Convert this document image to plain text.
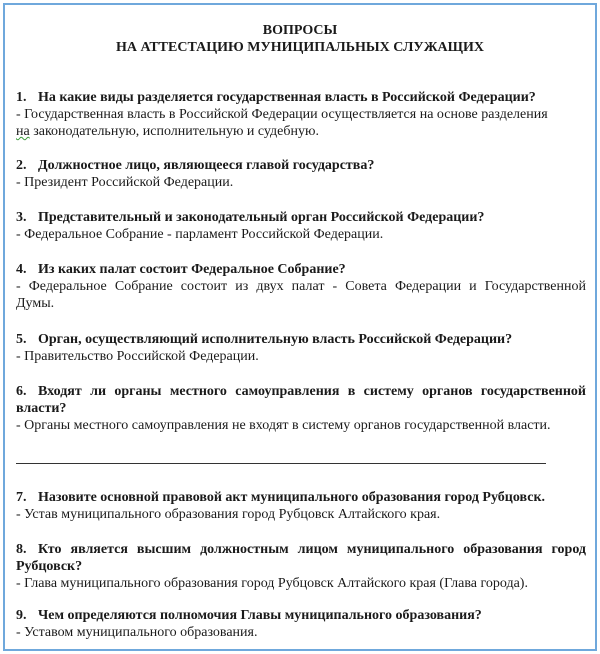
ВОПРОСЫ
НА АТТЕСТАЦИЮ МУНИЦИПАЛЬНЫХ СЛУЖАЩИХ
1. На какие виды разделяется государственная власть в Российской Федерации?
- Государственная власть в Российской Федерации осуществляется на основе разделения
на законодательную, исполнительную и судебную.
2. Должностное лицо, являющееся главой государства?
- Президент Российской Федерации.
3. Представительный и законодательный орган Российской Федерации?
- Федеральное Собрание - парламент Российской Федерации.
4. Из каких палат состоит Федеральное Собрание?
- Федеральное Собрание состоит из двух палат - Совета Федерации и Государственной
Думы.
5. Орган, осуществляющий исполнительную власть Российской Федерации?
- Правительство Российской Федерации.
6. Входят ли органы местного самоуправления в систему органов государственной
власти?
- Органы местного самоуправления не входят в систему органов государственной власти.
7. Назовите основной правовой акт муниципального образования город Рубцовск.
- Устав муниципального образования город Рубцовск Алтайского края.
8. Кто является высшим должностным лицом муниципального образования город
Рубцовск?
- Глава муниципального образования город Рубцовск Алтайского края (Глава города).
9. Чем определяются полномочия Главы муниципального образования?
- Уставом муниципального образования.
